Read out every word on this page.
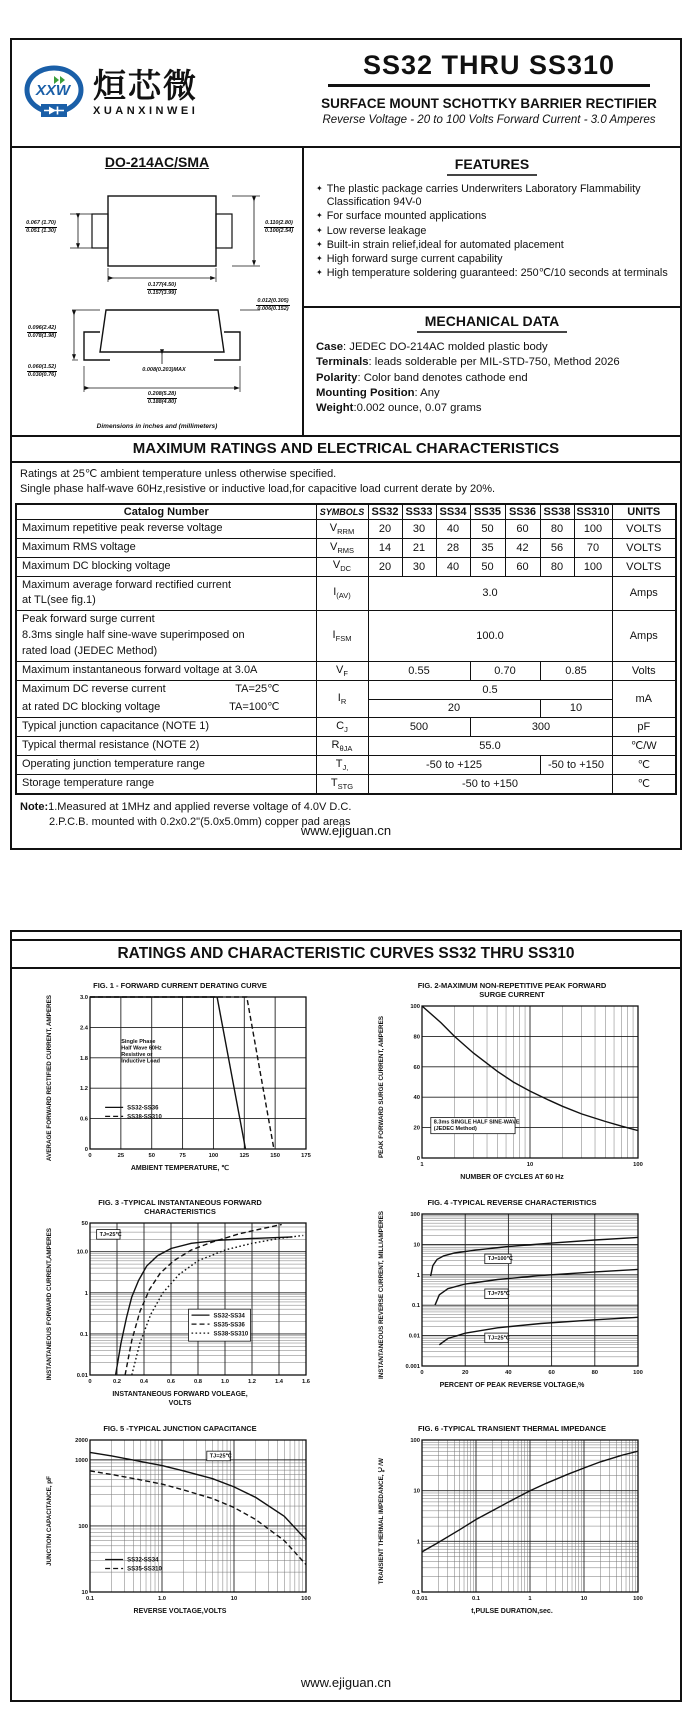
XXW 烜芯微
XUANXINWEI
SS32 THRU SS310
SURFACE MOUNT SCHOTTKY BARRIER RECTIFIER
Reverse Voltage - 20 to 100 Volts Forward Current - 3.0 Amperes
DO-214AC/SMA
0.067 (1.70)
0.051 (1.30)
0.110(2.80)
0.100(2.54)
0.177(4.50)
0.157(3.99)
0.012(0.305)
0.006(0.152)
0.096(2.42)
0.078(1.98)
0.060(1.52)
0.030(0.76)
0.008(0.203)MAX
0.208(5.28)
0.188(4.80)
Dimensions in inches and (millimeters)
FEATURES
✦ The plastic package carries Underwriters Laboratory Flammability Classification 94V-0
✦ For surface mounted applications
✦ Low reverse leakage
✦ Built-in strain relief,ideal for automated placement
✦ High forward surge current capability
✦ High temperature soldering guaranteed: 250℃/10 seconds at terminals
MECHANICAL DATA
Case: JEDEC DO-214AC molded plastic body
Terminals: leads solderable per MIL-STD-750, Method 2026
Polarity: Color band denotes cathode end
Mounting Position: Any
Weight:0.002 ounce, 0.07 grams
MAXIMUM RATINGS AND ELECTRICAL CHARACTERISTICS
Ratings at 25℃ ambient temperature unless otherwise specified.
Single phase half-wave 60Hz,resistive or inductive load,for capacitive load current derate by 20%.
Catalog Number	SYMBOLS	SS32	SS33	SS34	SS35	SS36	SS38	SS310	UNITS

Maximum repetitive peak reverse voltage	$V_{RRM}$	20	30	40	50	60	80	100	VOLTS

Maximum RMS voltage	$V_{RMS}$	14	21	28	35	42	56	70	VOLTS

Maximum DC blocking voltage	$V_{DC}$	20	30	40	50	60	80	100	VOLTS

Maximum average forward rectified current
at TL(see fig.1)	$I_{(AV)}$	3.0							Amps

Peak forward surge current
8.3ms single half sine-wave superimposed on
rated load (JEDEC Method)	$I_{FSM}$	100.0							Amps

Maximum instantaneous forward voltage at 3.0A	$V_F$	0.55			0.70		0.85		Volts

Maximum DC reverse current TA=25℃	$I_R$	0.5							mA

at rated DC blocking voltage TA=100℃		20					10		

Typical junction capacitance (NOTE 1)	$C_J$	500			300				pF

Typical thermal resistance (NOTE 2)	$R_{\theta JA}$	55.0							℃/W

Operating junction temperature range	$T_{J,}$	-50 to +125					-50 to +150		℃

Storage temperature range	$T_{STG}$	-50 to +150							℃
Note:1.Measured at 1MHz and applied reverse voltage of 4.0V D.C.
2.P.C.B. mounted with 0.2x0.2"(5.0x5.0mm) copper pad areas
www.ejiguan.cn
RATINGS AND CHARACTERISTIC CURVES SS32 THRU SS310
FIG. 1 - FORWARD CURRENT DERATING CURVE
AVERAGE FORWARD RECTIFIED CURRENT, AMPERES	0	25	50	75	100	125	150	175
0
0.6
1.2
1.8
2.4
3.0
Single Phase
Half Wave 60Hz
Resistive or
Inductive Load
SS32-SS36
SS38-SS310
AMBIENT TEMPERATURE, ℃
FIG. 2-MAXIMUM NON-REPETITIVE PEAK FORWARD
SURGE CURRENT
PEAK FORWARD SURGE CURRENT, AMPERES
1	10	100
0
20
40
60
80
100
8.3ms SINGLE HALF SINE-WAVE
(JEDEC Method)
NUMBER OF CYCLES AT 60 Hz
FIG. 3 -TYPICAL INSTANTANEOUS FORWARD
CHARACTERISTICS
INSTANTANEOUS FORWARD CURRENT,AMPERES
0	0.2	0.4	0.6	0.8	1.0	1.2	1.4	1.6
0.01
0.1
1
10.0
50
TJ=25℃
SS32-SS34
SS35-SS36
SS38-SS310
INSTANTANEOUS FORWARD VOLEAGE,
VOLTS
FIG. 4 -TYPICAL REVERSE CHARACTERISTICS
INSTANTANEOUS REVERSE CURRENT, MILLIAMPERES	0	20	40	60	80	100
0.001
0.01
0.1
1
10
100
TJ=100℃
TJ=75℃
TJ=25℃
PERCENT OF PEAK REVERSE VOLTAGE,%
FIG. 5 -TYPICAL JUNCTION CAPACITANCE
JUNCTION CAPACITANCE, pF
0.1	1.0	10	100
10
100
1000
2000
TJ=25℃
SS32-SS34
SS35-SS310
REVERSE VOLTAGE,VOLTS
FIG. 6 -TYPICAL TRANSIENT THERMAL IMPEDANCE
TRANSIENT THERMAL IMPEDANCE, ℃/W
0.01	0.1	1	10	100
0.1
1
10
100
t,PULSE DURATION,sec.
www.ejiguan.cn
